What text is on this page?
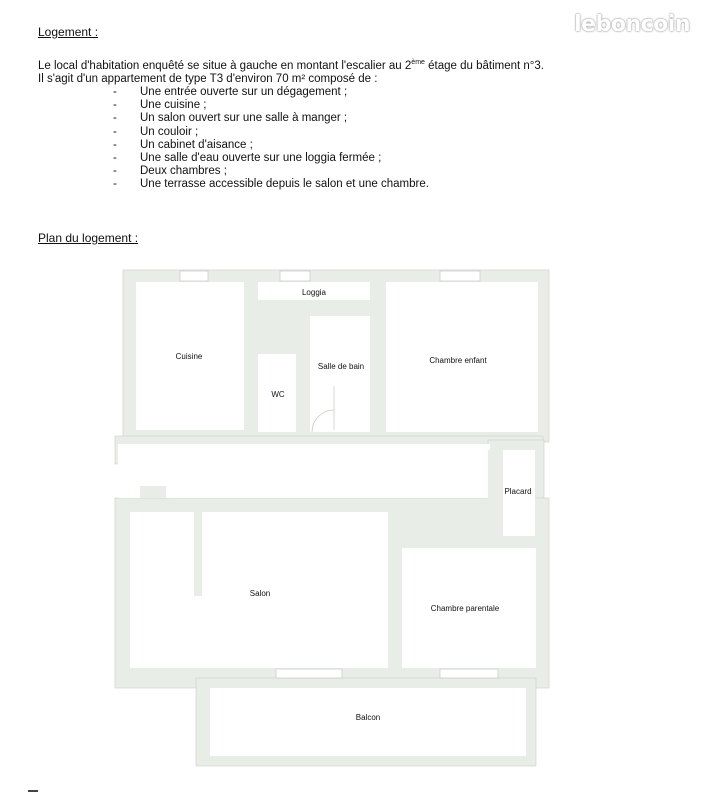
leboncoin
Logement :

Le local d'habitation enquêté se situe à gauche en montant l'escalier au 2ème étage du bâtiment n°3.

Il s'agit d'un appartement de type T3 d'environ 70 m² composé de :

- Une entrée ouverte sur un dégagement ;
- Une cuisine ;
- Un salon ouvert sur une salle à manger ;
- Un couloir ;
- Un cabinet d'aisance ;
- Une salle d'eau ouverte sur une loggia fermée ;
- Deux chambres ;
- Une terrasse accessible depuis le salon et une chambre.
Plan du logement :
Cuisine
Loggia
Salle de bain
Chambre enfant
WC
Placard
Salon
Chambre parentale
Balcon
